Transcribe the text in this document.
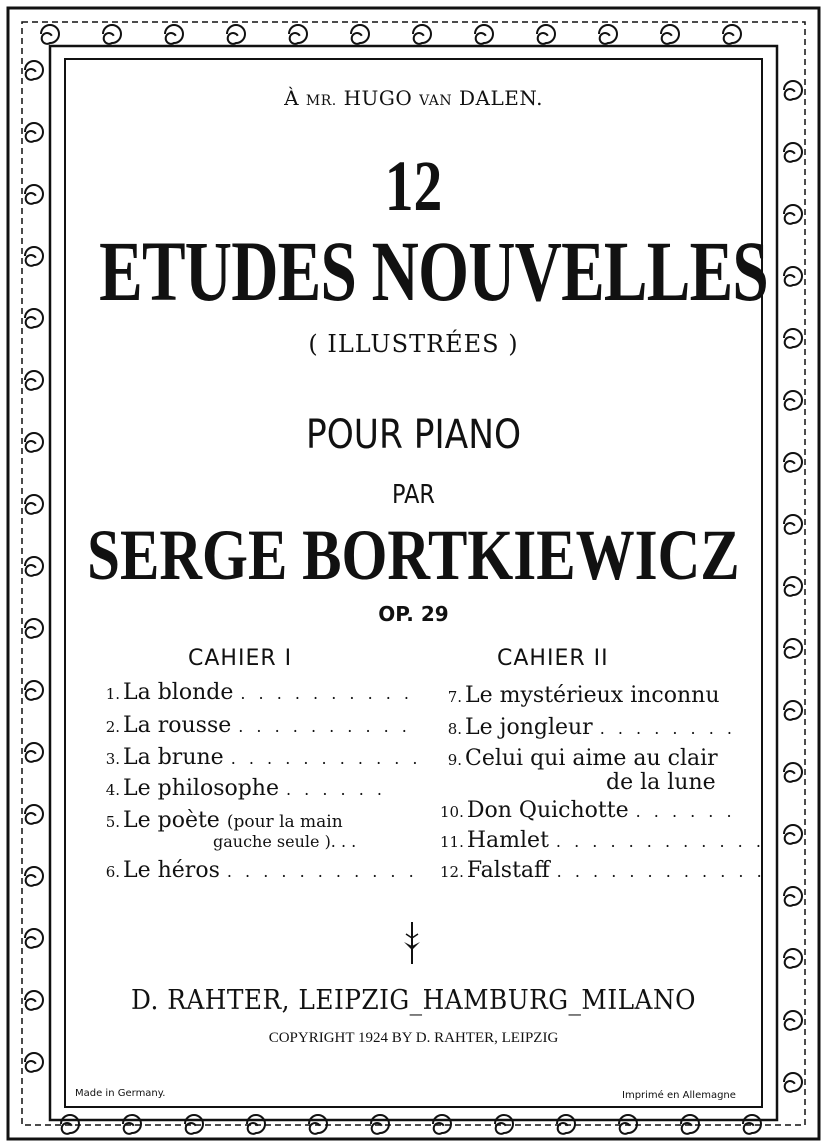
À MR. HUGO VAN DALEN.
12
ETUDES NOUVELLES
( ILLUSTRÉES )
POUR PIANO
PAR
SERGE BORTKIEWICZ
OP. 29
CAHIER I
1. La blonde . . . . . . . . . .
2. La rousse . . . . . . . . . .
3. La brune . . . . . . . . . . .
4. Le philosophe . . . . . .
5. Le poète (pour la main
gauche seule ). . .
6. Le héros . . . . . . . . . . .
CAHIER II
7. Le mystérieux inconnu
8. Le jongleur . . . . . . . .
9. Celui qui aime au clair
de la lune
10. Don Quichotte . . . . . .
11. Hamlet . . . . . . . . . . . .
12. Falstaff . . . . . . . . . . . .
D. RAHTER, LEIPZIG_HAMBURG_MILANO
COPYRIGHT 1924 BY D. RAHTER, LEIPZIG
Made in Germany.	Imprimé en Allemagne
